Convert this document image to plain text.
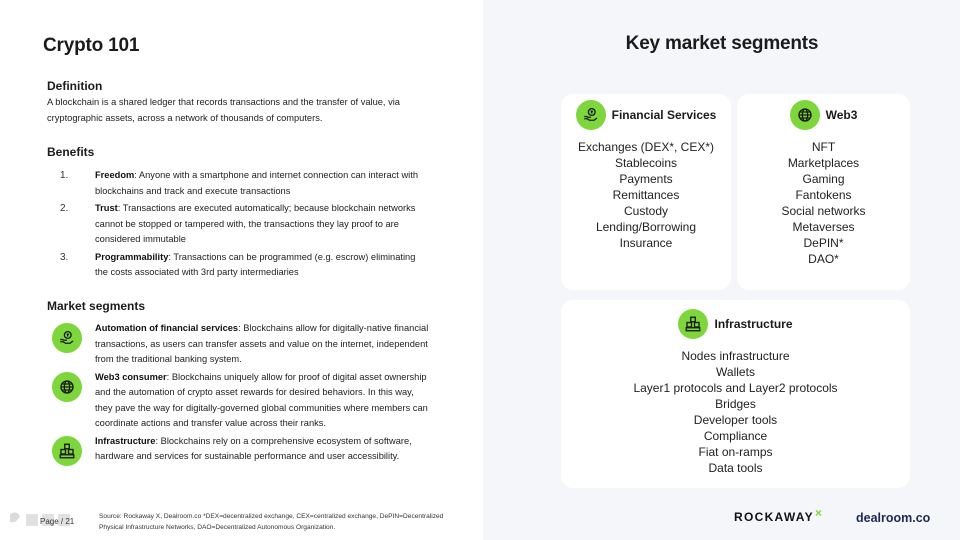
Crypto 101
Definition
A blockchain is a shared ledger that records transactions and the transfer of value, via cryptographic assets, across a network of thousands of computers.
Benefits
1.	Freedom: Anyone with a smartphone and internet connection can interact with blockchains and track and execute transactions
2.	Trust: Transactions are executed automatically; because blockchain networks cannot be stopped or tampered with, the transactions they lay proof to are considered immutable
3.	Programmability: Transactions can be programmed (e.g. escrow) eliminating the costs associated with 3rd party intermediaries
Market segments
Automation of financial services: Blockchains allow for digitally-native financial transactions, as users can transfer assets and value on the internet, independent from the traditional banking system.
Web3 consumer: Blockchains uniquely allow for proof of digital asset ownership and the automation of crypto asset rewards for desired behaviors. In this way, they pave the way for digitally-governed global communities where members can coordinate actions and transfer value across their ranks.
Infrastructure: Blockchains rely on a comprehensive ecosystem of software, hardware and services for sustainable performance and user accessibility.
Page / 21
Source: Rockaway X, Dealroom.co *DEX=decentralized exchange, CEX=centralized exchange, DePIN=Decentralized Physical Infrastructure Networks, DAO=Decentralized Autonomous Organization.
Key market segments
Financial Services
Exchanges (DEX*, CEX*)
Stablecoins
Payments
Remittances
Custody
Lending/Borrowing
Insurance
Web3
NFT
Marketplaces
Gaming
Fantokens
Social networks
Metaverses
DePIN*
DAO*
Infrastructure
Nodes infrastructure
Wallets
Layer1 protocols and Layer2 protocols
Bridges
Developer tools
Compliance
Fiat on-ramps
Data tools
ROCKAWAY×	dealroom.co
